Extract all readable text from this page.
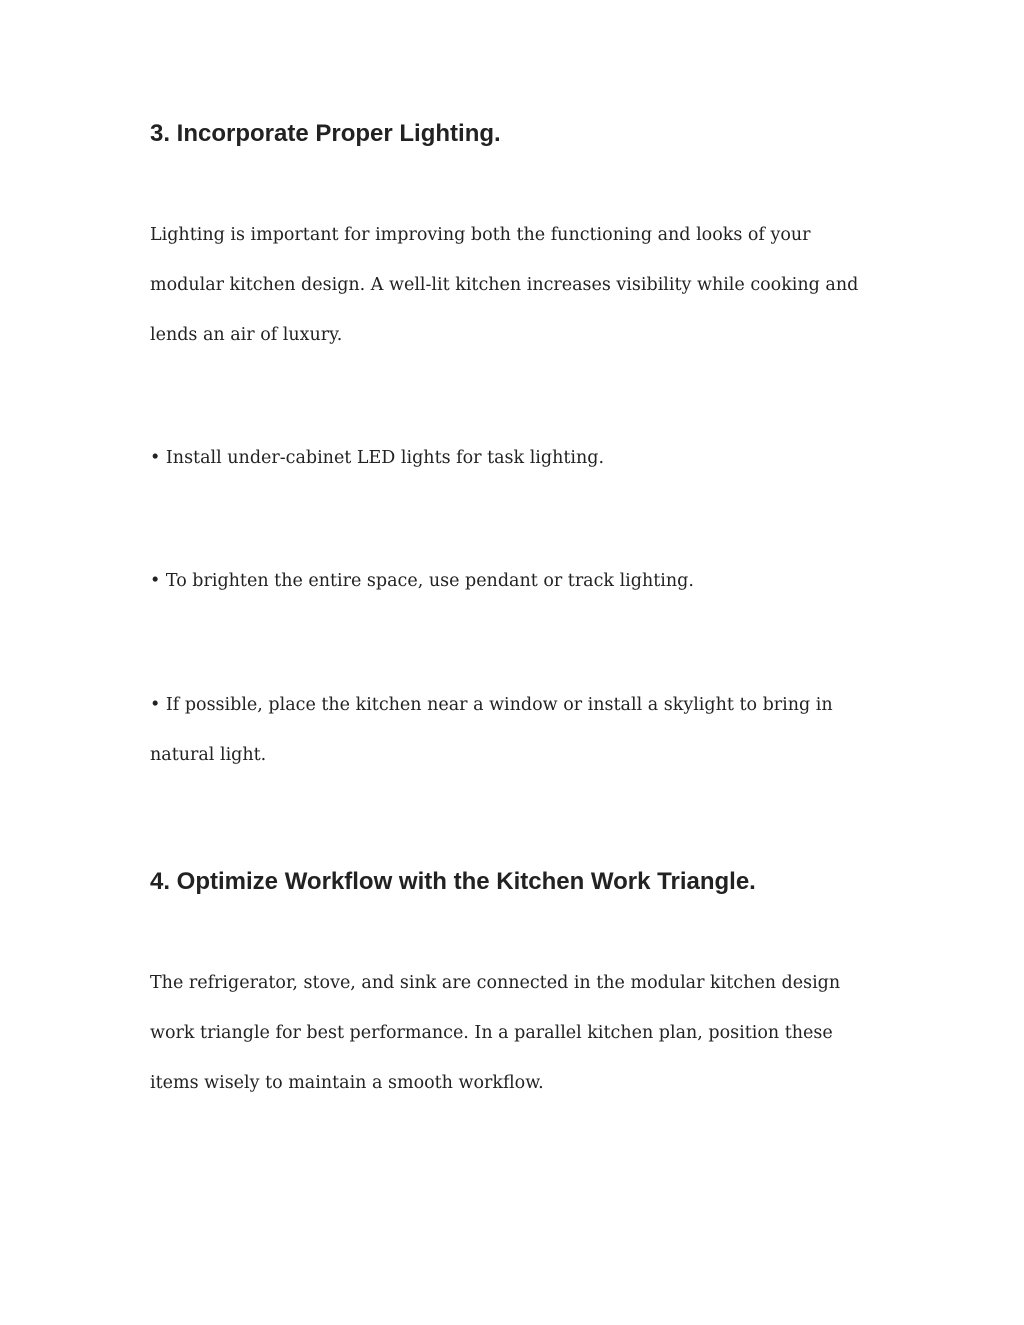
3. Incorporate Proper Lighting.

Lighting is important for improving both the functioning and looks of your

modular kitchen design. A well-lit kitchen increases visibility while cooking and

lends an air of luxury.

• Install under-cabinet LED lights for task lighting.

• To brighten the entire space, use pendant or track lighting.

• If possible, place the kitchen near a window or install a skylight to bring in

natural light.

4. Optimize Workflow with the Kitchen Work Triangle.

The refrigerator, stove, and sink are connected in the modular kitchen design

work triangle for best performance. In a parallel kitchen plan, position these

items wisely to maintain a smooth workflow.
